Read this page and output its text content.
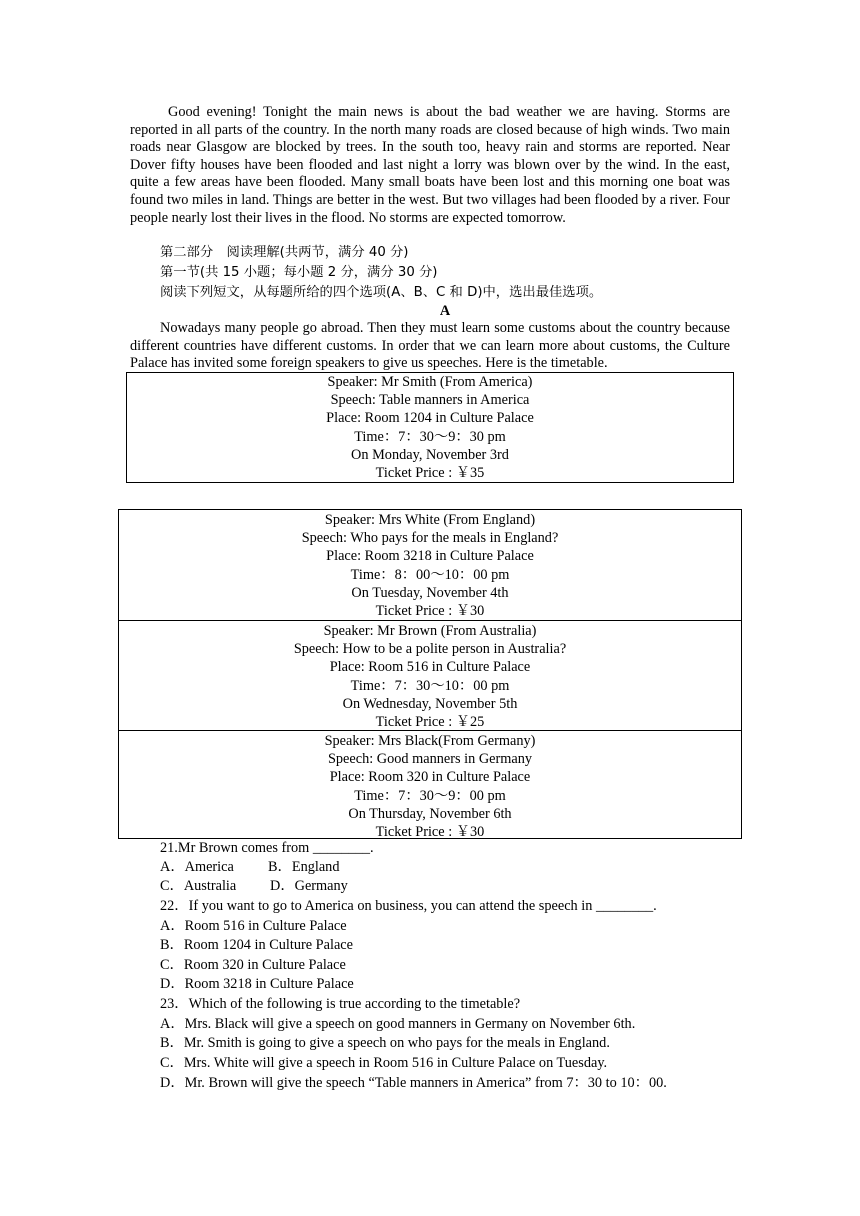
Good evening! Tonight the main news is about the bad weather we are having. Storms are reported in all parts of the country. In the north many roads are closed because of high winds. Two main roads near Glasgow are blocked by trees. In the south too, heavy rain and storms are reported. Near Dover fifty houses have been flooded and last night a lorry was blown over by the wind. In the east, quite a few areas have been flooded. Many small boats have been lost and this morning one boat was found two miles in land. Things are better in the west. But two villages had been flooded by a river. Four people nearly lost their lives in the flood. No storms are expected tomorrow.

第二部分　阅读理解(共两节，满分 40 分)
第一节(共 15 小题；每小题 2 分，满分 30 分)
阅读下列短文，从每题所给的四个选项(A、B、C 和 D)中，选出最佳选项。
A

Nowadays many people go abroad. Then they must learn some customs about the country because different countries have different customs. In order that we can learn more about customs, the Culture Palace has invited some foreign speakers to give us speeches. Here is the timetable.

Speaker: Mr Smith (From America)
Speech: Table manners in America
Place: Room 1204 in Culture Palace
Time：7：30～9：30 pm
On Monday, November 3rd
Ticket Price : ￥35
Speaker: Mrs White (From England)
Speech: Who pays for the meals in England?
Place: Room 3218 in Culture Palace
Time：8：00～10：00 pm
On Tuesday, November 4th
Ticket Price : ￥30
Speaker: Mr Brown (From Australia)
Speech: How to be a polite person in Australia?
Place: Room 516 in Culture Palace
Time：7：30～10：00 pm
On Wednesday, November 5th
Ticket Price : ￥25
Speaker: Mrs Black(From Germany)
Speech: Good manners in Germany
Place: Room 320 in Culture Palace
Time：7：30～9：00 pm
On Thursday, November 6th
Ticket Price : ￥30
21.Mr Brown comes from ________.
A．America B．England
C．Australia D．Germany
22．If you want to go to America on business, you can attend the speech in ________.
A．Room 516 in Culture Palace
B．Room 1204 in Culture Palace
C．Room 320 in Culture Palace
D．Room 3218 in Culture Palace
23．Which of the following is true according to the timetable?
A．Mrs. Black will give a speech on good manners in Germany on November 6th.
B．Mr. Smith is going to give a speech on who pays for the meals in England.
C．Mrs. White will give a speech in Room 516 in Culture Palace on Tuesday.
D．Mr. Brown will give the speech “Table manners in America” from 7：30 to 10：00.
